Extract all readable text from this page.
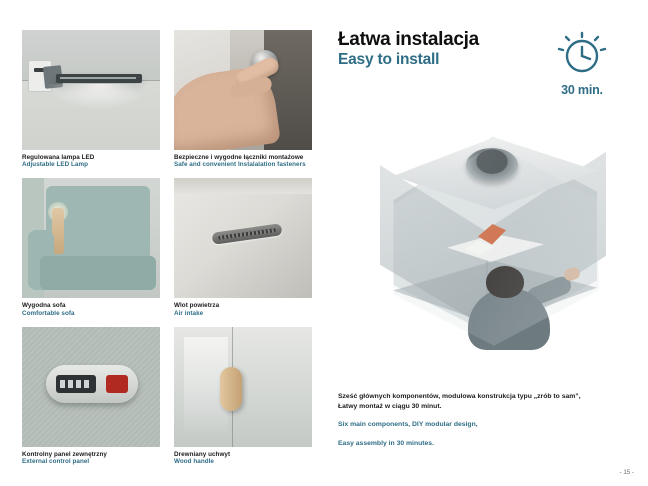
Regulowana lampa LED
Adjustable LED Lamp
Bezpieczne i wygodne łączniki montażowe
Safe and convenient Instalalation fasteners
Wygodna sofa
Comfortable sofa
Wlot powietrza
Air intake
Kontrolny panel zewnętrzny
External control panel
Drewniany uchwyt
Wood handle
Łatwa instalacja
Easy to install
30 min.
Sześć głównych komponentów, modulowa konstrukcja typu „zrób to sam”,
Łatwy montaż w ciągu 30 minut.
Six main components, DIY modular design,
Easy assembly in 30 minutes.
- 15 -
